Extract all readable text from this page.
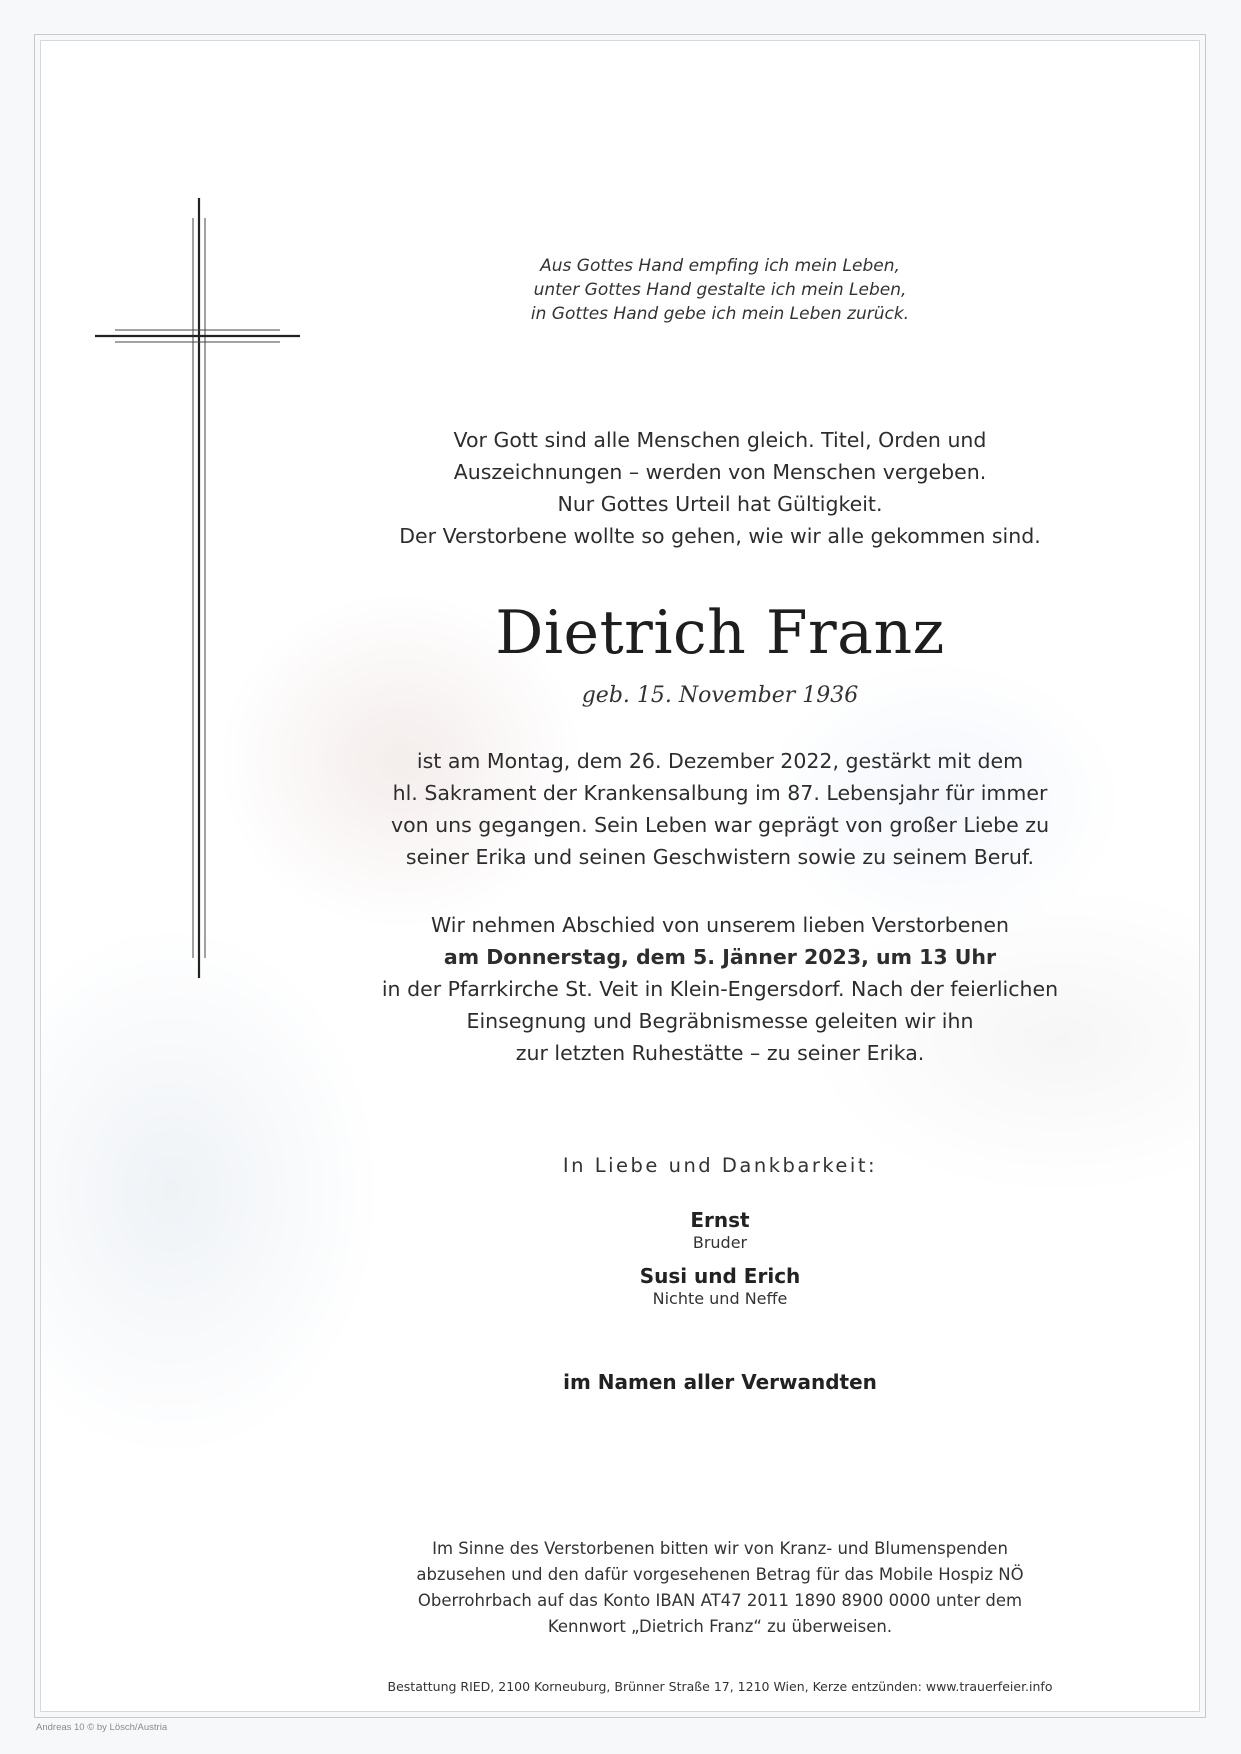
Aus Gottes Hand empfing ich mein Leben,
unter Gottes Hand gestalte ich mein Leben,
in Gottes Hand gebe ich mein Leben zurück.
Vor Gott sind alle Menschen gleich. Titel, Orden und
Auszeichnungen – werden von Menschen vergeben.
Nur Gottes Urteil hat Gültigkeit.
Der Verstorbene wollte so gehen, wie wir alle gekommen sind.
Dietrich Franz
geb. 15. November 1936
ist am Montag, dem 26. Dezember 2022, gestärkt mit dem
hl. Sakrament der Krankensalbung im 87. Lebensjahr für immer
von uns gegangen. Sein Leben war geprägt von großer Liebe zu
seiner Erika und seinen Geschwistern sowie zu seinem Beruf.
Wir nehmen Abschied von unserem lieben Verstorbenen
am Donnerstag, dem 5. Jänner 2023, um 13 Uhr
in der Pfarrkirche St. Veit in Klein-Engersdorf. Nach der feierlichen
Einsegnung und Begräbnismesse geleiten wir ihn
zur letzten Ruhestätte – zu seiner Erika.
In Liebe und Dankbarkeit:
Ernst
Bruder
Susi und Erich
Nichte und Neffe
im Namen aller Verwandten
Im Sinne des Verstorbenen bitten wir von Kranz- und Blumenspenden
abzusehen und den dafür vorgesehenen Betrag für das Mobile Hospiz NÖ
Oberrohrbach auf das Konto IBAN AT47 2011 1890 8900 0000 unter dem
Kennwort „Dietrich Franz“ zu überweisen.
Bestattung RIED, 2100 Korneuburg, Brünner Straße 17, 1210 Wien, Kerze entzünden: www.trauerfeier.info
Andreas 10 © by Lösch/Austria
